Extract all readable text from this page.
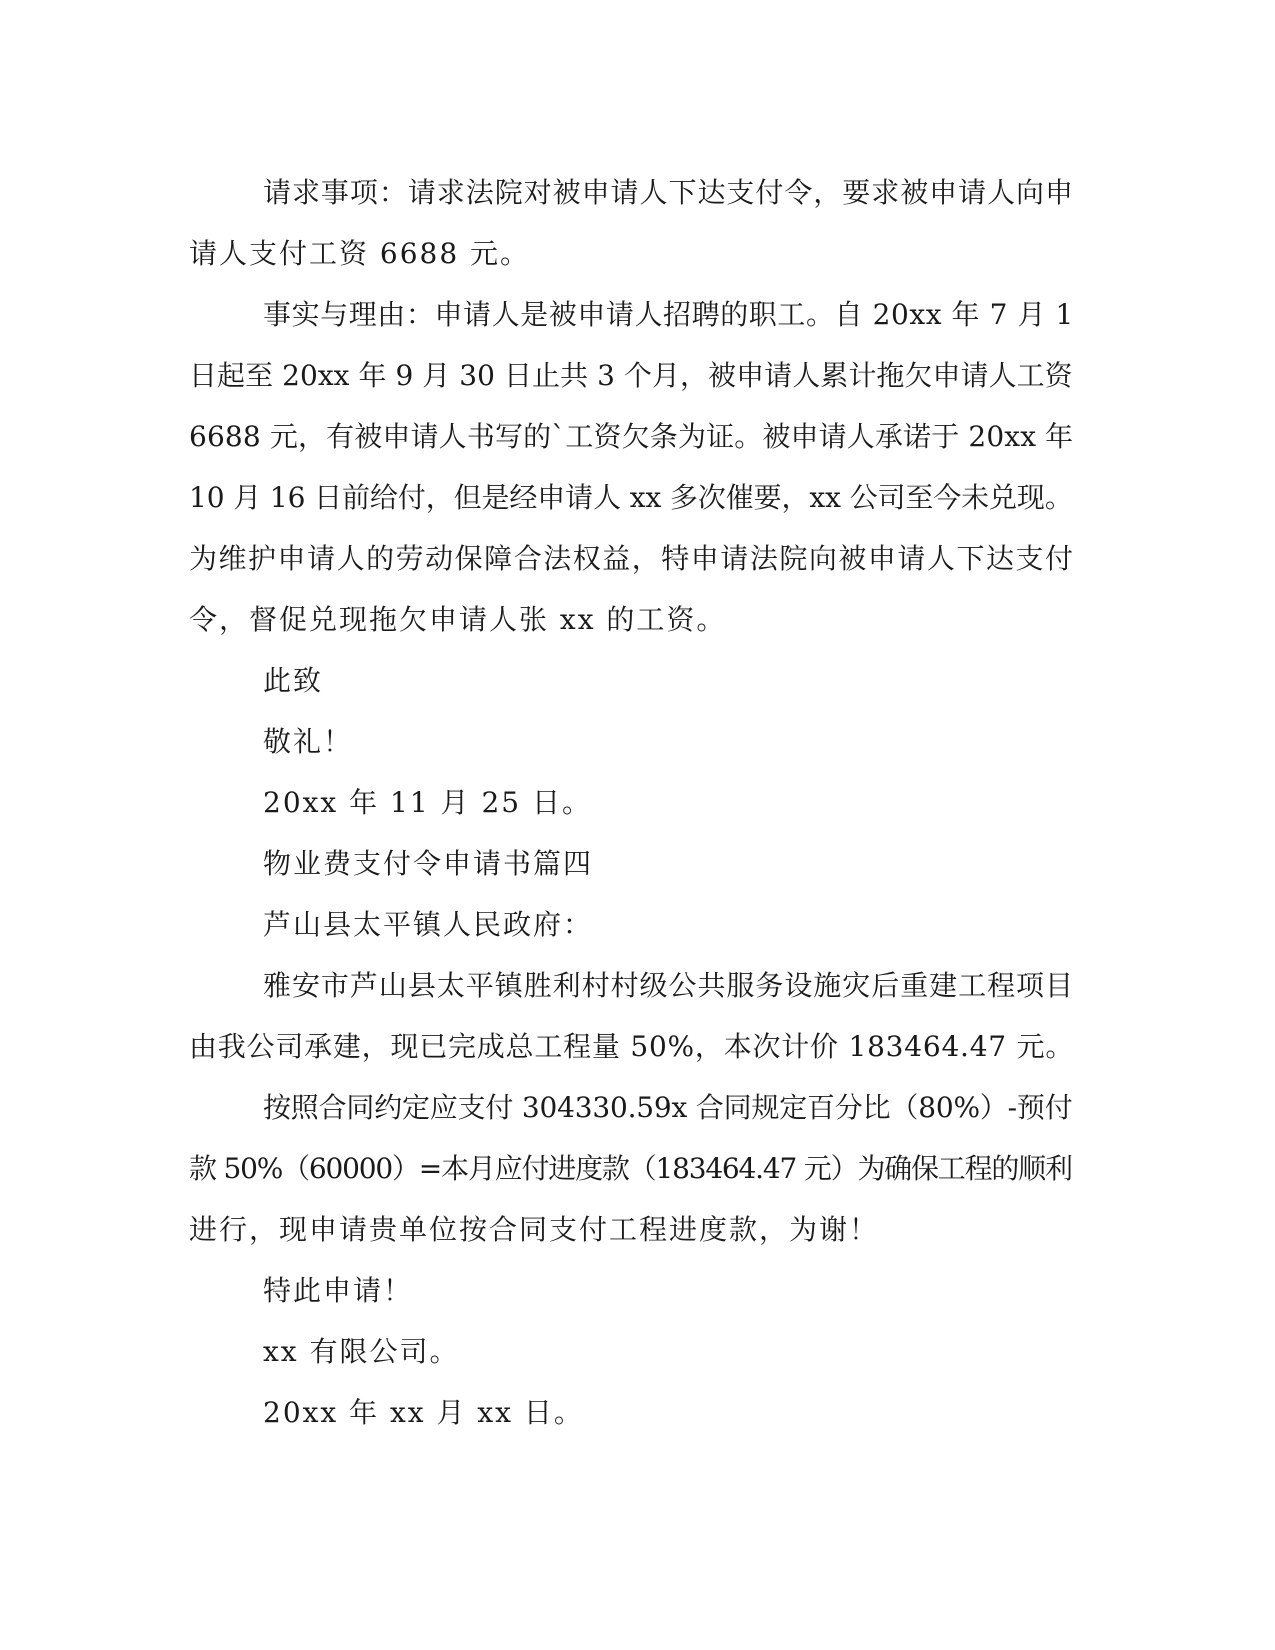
请求事项：请求法院对被申请人下达支付令，要求被申请人向申
请人支付工资 6688 元。
事实与理由：申请人是被申请人招聘的职工。自 20xx 年 7 月 1
日起至 20xx 年 9 月 30 日止共 3 个月，被申请人累计拖欠申请人工资
6688 元，有被申请人书写的`工资欠条为证。被申请人承诺于 20xx 年
10 月 16 日前给付，但是经申请人 xx 多次催要，xx 公司至今未兑现。
为维护申请人的劳动保障合法权益，特申请法院向被申请人下达支付
令，督促兑现拖欠申请人张 xx 的工资。
此致
敬礼！
20xx 年 11 月 25 日。
物业费支付令申请书篇四
芦山县太平镇人民政府：
雅安市芦山县太平镇胜利村村级公共服务设施灾后重建工程项目
由我公司承建，现已完成总工程量 50%，本次计价 183464.47 元。
按照合同约定应支付 304330.59x 合同规定百分比（80%）-预付
款 50%（60000）=本月应付进度款（183464.47 元）为确保工程的顺利
进行，现申请贵单位按合同支付工程进度款，为谢！
特此申请！
xx 有限公司。
20xx 年 xx 月 xx 日。
